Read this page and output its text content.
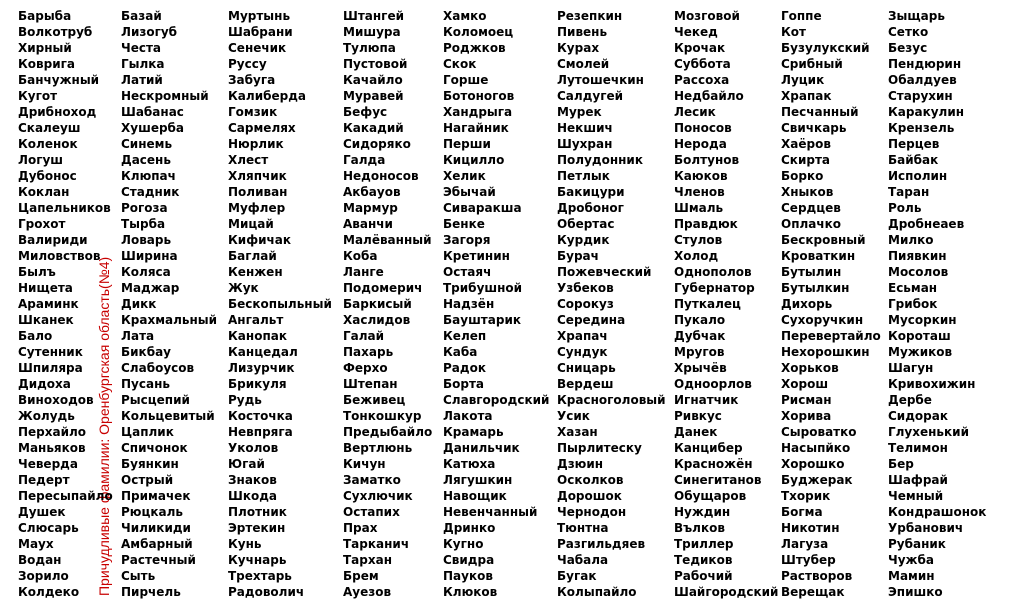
Причудливые фамилии: Оренбургская область(№4)
Барыба
Волкотруб
Хирный
Коврига
Банчужный
Кугот
Дрибноход
Скалеуш
Коленок
Логуш
Дубонос
Коклан
Цапельников
Грохот
Валириди
Миловствов
Былъ
Нищета
Араминк
Шканек
Бало
Сутенник
Шпиляра
Дидоха
Виноходов
Жолудь
Перхайло
Маньяков
Чеверда
Педерт
Пересыпайло
Душек
Слюсарь
Маух
Водан
Зорило
Колдеко
Базай
Лизогуб
Честа
Гылка
Латий
Нескромный
Шабанас
Хушерба
Синемь
Дасень
Клюпач
Стадник
Рогоза
Тырба
Ловарь
Ширина
Коляса
Маджар
Дикк
Крахмальный
Лата
Бикбау
Слабоусов
Пусань
Рысцепий
Кольцевитый
Цаплик
Спичонок
Буянкин
Острый
Примачек
Рюцкаль
Чиликиди
Амбарный
Растечный
Сыть
Пирчель
Муртынь
Шабрани
Сенечик
Руссу
Забуга
Калиберда
Гомзик
Сармелях
Нюрлик
Хлест
Хляпчик
Поливан
Муфлер
Мицай
Кифичак
Баглай
Кенжен
Жук
Бескопыльный
Ангальт
Канопак
Канцедал
Лизурчик
Брикуля
Рудь
Косточка
Невпряга
Уколов
Югай
Знаков
Шкода
Плотник
Эртекин
Кунь
Кучнарь
Трехтарь
Радоволич
Штангей
Мишура
Тулюпа
Пустовой
Качайло
Муравей
Бефус
Какадий
Сидоряко
Галда
Недоносов
Акбауов
Мармур
Аванчи
Малёванный
Коба
Ланге
Подомерич
Баркисый
Хаслидов
Галай
Пахарь
Ферхо
Штепан
Беживец
Тонкошкур
Предыбайло
Вертлюнь
Кичун
Заматко
Сухлючик
Остапих
Прах
Тарканич
Тархан
Брем
Ауезов
Хамко
Коломоец
Роджков
Скок
Горше
Ботоногов
Хандрыга
Нагайник
Перши
Кицилло
Хелик
Эбычай
Сиваракша
Бенке
Загоря
Кретинин
Остаяч
Трибушной
Надзён
Бауштарик
Келеп
Каба
Радок
Борта
Славгородский
Лакота
Крамарь
Данильчик
Катюха
Лягушкин
Навощик
Невенчанный
Дринко
Кугно
Свидра
Пауков
Клюков
Резепкин
Пивень
Курах
Смолей
Лутошечкин
Салдугей
Мурек
Некшич
Шухран
Полудонник
Петлык
Бакицури
Дробоног
Обертас
Курдик
Бурач
Пожевческий
Узбеков
Сорокуз
Середина
Храпач
Сундук
Сницарь
Вердеш
Красноголовый
Усик
Хазан
Пырлитеску
Дзюин
Осколков
Дорошок
Чернодон
Тюнтна
Разгильдяев
Чабала
Бугак
Колыпайло
Мозговой
Чекед
Крочак
Суббота
Рассоха
Недбайло
Лесик
Поносов
Нерода
Болтунов
Каюков
Членов
Шмаль
Правдюк
Стулов
Холод
Однополов
Губернатор
Путкалец
Пукало
Дубчак
Мругов
Хрычёв
Одноорлов
Игнатчик
Ривкус
Данек
Канцибер
Красножён
Синегитанов
Обущаров
Нуждин
Вълков
Триллер
Тедиков
Рабочий
Шайгородский
Гоппе
Кот
Бузулукский
Срибный
Луцик
Храпак
Песчанный
Свичкарь
Хаёров
Скирта
Борко
Хныков
Сердцев
Оплачко
Бескровный
Кроваткин
Бутылин
Бутылкин
Дихорь
Сухоручкин
Перевертайло
Нехорошкин
Хорьков
Хорош
Рисман
Хорива
Сыроватко
Насыпйко
Хорошко
Буджерак
Тхорик
Богма
Никотин
Лагуза
Штубер
Растворов
Верещак
Зыщарь
Сетко
Безус
Пендюрин
Обалдуев
Старухин
Каракулин
Крензель
Перцев
Байбак
Исполин
Таран
Роль
Дробнеаев
Милко
Пиявкин
Мосолов
Есьман
Грибок
Мусоркин
Короташ
Мужиков
Шагун
Кривохижин
Дербе
Сидорак
Глухенький
Телимон
Бер
Шафрай
Чемный
Кондрашонок
Урбанович
Рубаник
Чужба
Мамин
Эпишко
